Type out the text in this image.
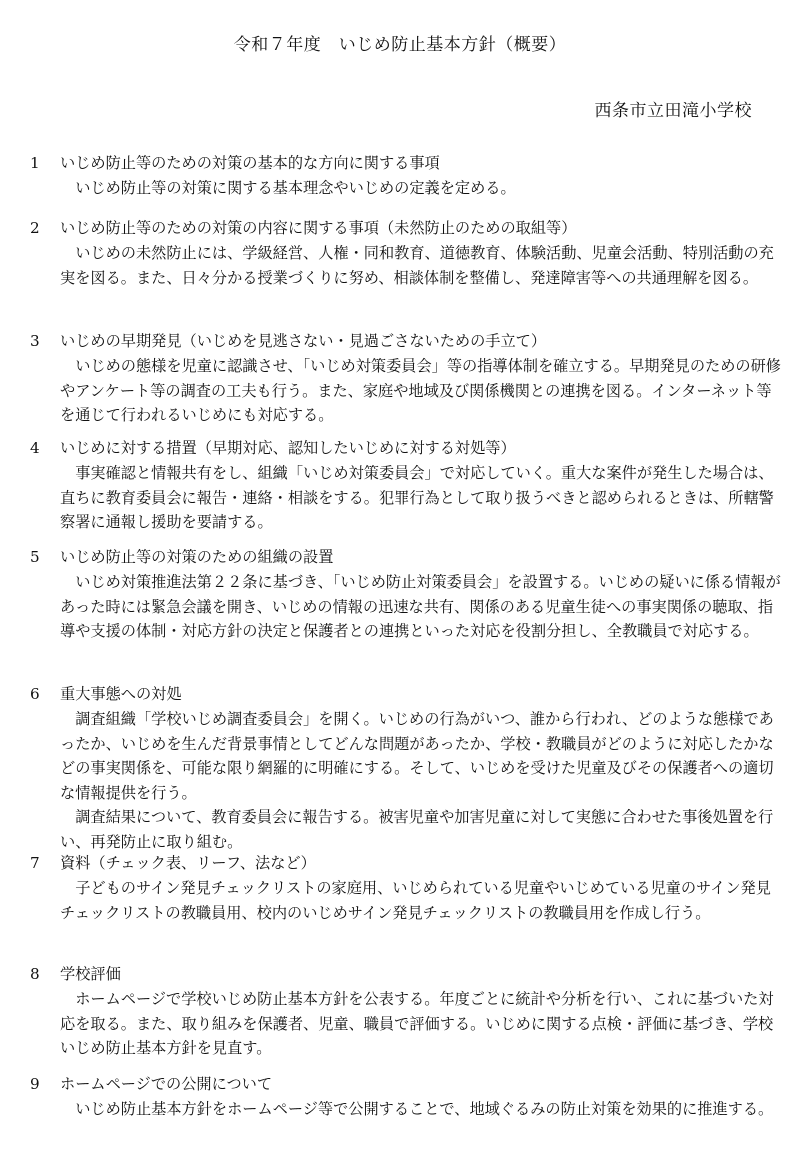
令和７年度　いじめ防止基本方針（概要）
西条市立田滝小学校
1	いじめ防止等のための対策の基本的な方向に関する事項

いじめ防止等の対策に関する基本理念やいじめの定義を定める。

2	いじめ防止等のための対策の内容に関する事項（未然防止のための取組等）

いじめの未然防止には、学級経営、人権・同和教育、道徳教育、体験活動、児童会活動、特別活動の充実を図る。また、日々分かる授業づくりに努め、相談体制を整備し、発達障害等への共通理解を図る。

3	いじめの早期発見（いじめを見逃さない・見過ごさないための手立て）

いじめの態様を児童に認識させ、「いじめ対策委員会」等の指導体制を確立する。早期発見のための研修やアンケート等の調査の工夫も行う。また、家庭や地域及び関係機関との連携を図る。インターネット等を通じて行われるいじめにも対応する。

4	いじめに対する措置（早期対応、認知したいじめに対する対処等）

事実確認と情報共有をし、組織「いじめ対策委員会」で対応していく。重大な案件が発生した場合は、直ちに教育委員会に報告・連絡・相談をする。犯罪行為として取り扱うべきと認められるときは、所轄警察署に通報し援助を要請する。

5	いじめ防止等の対策のための組織の設置

いじめ対策推進法第２２条に基づき、「いじめ防止対策委員会」を設置する。いじめの疑いに係る情報があった時には緊急会議を開き、いじめの情報の迅速な共有、関係のある児童生徒への事実関係の聴取、指導や支援の体制・対応方針の決定と保護者との連携といった対応を役割分担し、全教職員で対応する。

6	重大事態への対処

調査組織「学校いじめ調査委員会」を開く。いじめの行為がいつ、誰から行われ、どのような態様であったか、いじめを生んだ背景事情としてどんな問題があったか、学校・教職員がどのように対応したかなどの事実関係を、可能な限り網羅的に明確にする。そして、いじめを受けた児童及びその保護者への適切な情報提供を行う。

調査結果について、教育委員会に報告する。被害児童や加害児童に対して実態に合わせた事後処置を行い、再発防止に取り組む。

7	資料（チェック表、リーフ、法など）

子どものサイン発見チェックリストの家庭用、いじめられている児童やいじめている児童のサイン発見チェックリストの教職員用、校内のいじめサイン発見チェックリストの教職員用を作成し行う。

8	学校評価

ホームページで学校いじめ防止基本方針を公表する。年度ごとに統計や分析を行い、これに基づいた対応を取る。また、取り組みを保護者、児童、職員で評価する。いじめに関する点検・評価に基づき、学校いじめ防止基本方針を見直す。

9	ホームページでの公開について

いじめ防止基本方針をホームページ等で公開することで、地域ぐるみの防止対策を効果的に推進する。
